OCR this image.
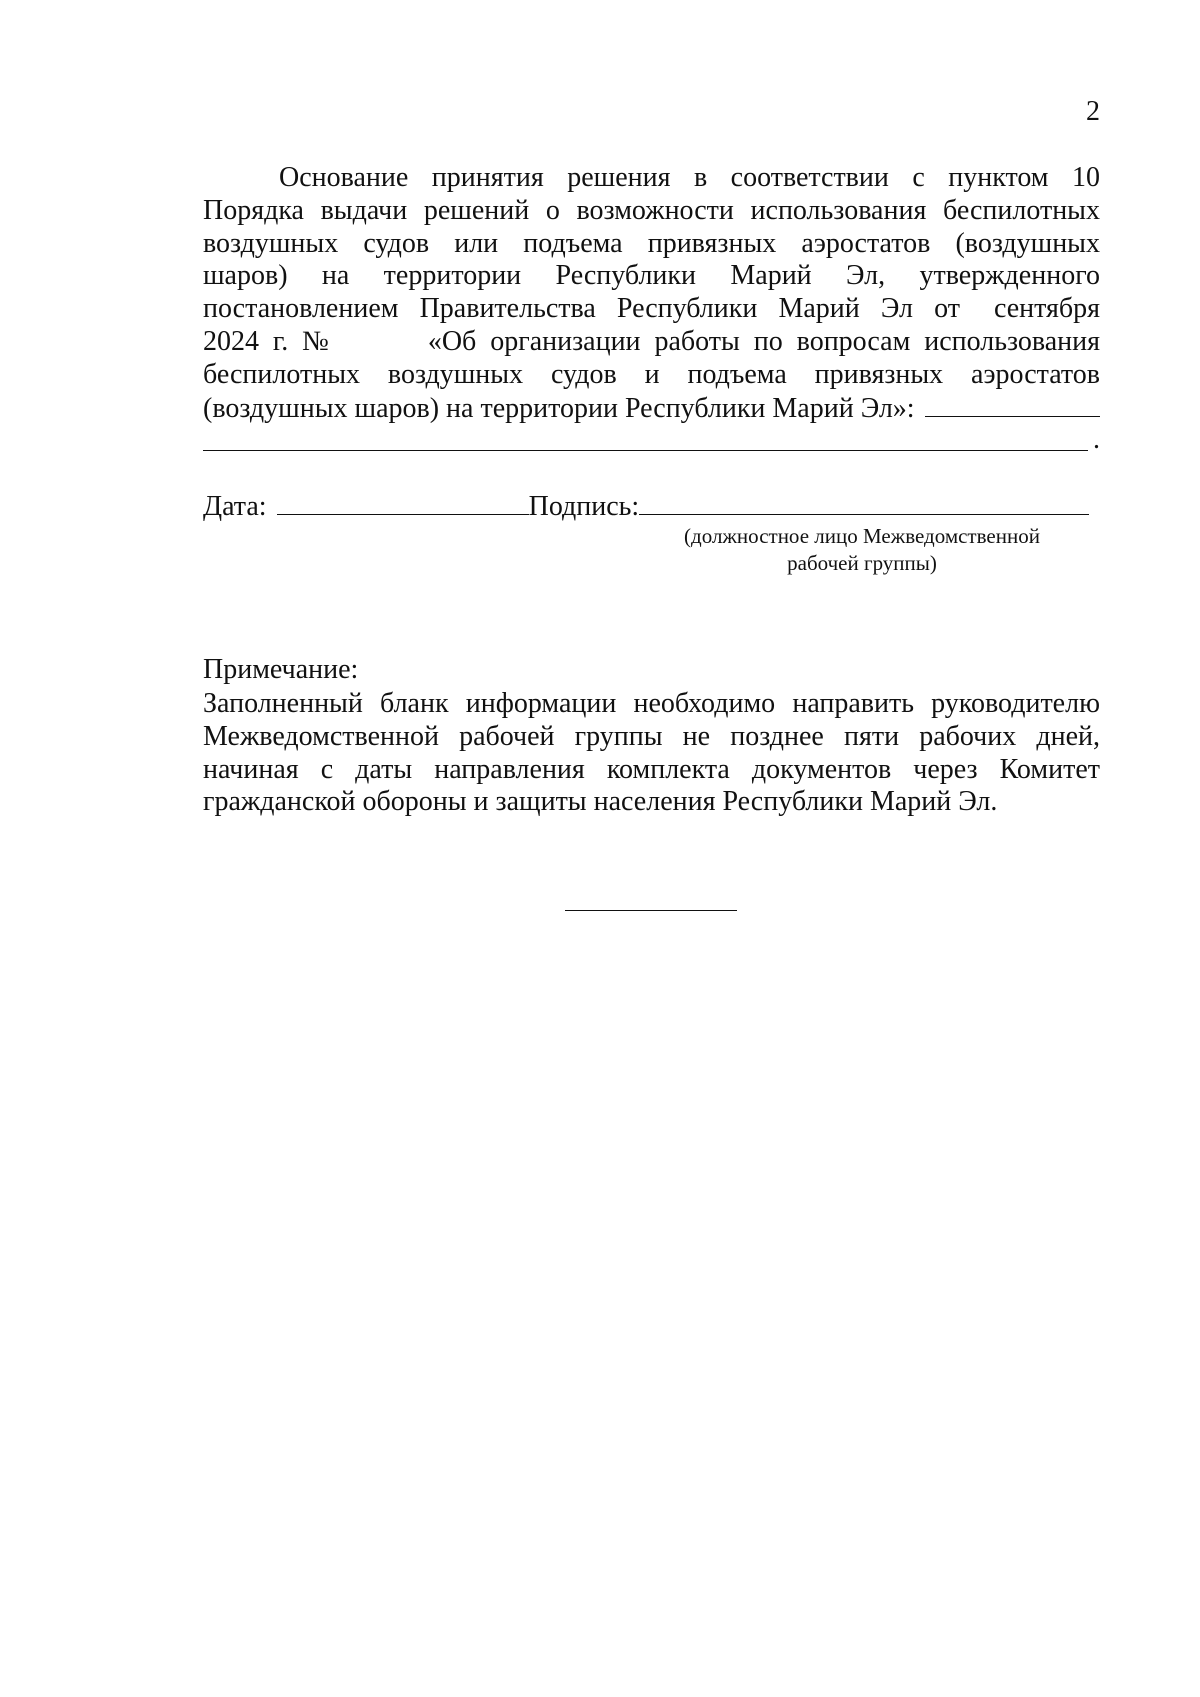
2
Основание принятия решения в соответствии с пунктом 10
Порядка выдачи решений о возможности использования беспилотных
воздушных судов или подъема привязных аэростатов (воздушных
шаров) на территории Республики Марий Эл, утвержденного
постановлением Правительства Республики Марий Эл от сентября
2024 г. №	«Об организации работы по вопросам использования
беспилотных воздушных судов и подъема привязных аэростатов
(воздушных шаров) на территории Республики Марий Эл»:
.
Дата:	Подпись:
(должностное лицо Межведомственной
рабочей группы)
Примечание:
Заполненный бланк информации необходимо направить руководителю
Межведомственной рабочей группы не позднее пяти рабочих дней,
начиная с даты направления комплекта документов через Комитет
гражданской обороны и защиты населения Республики Марий Эл.
